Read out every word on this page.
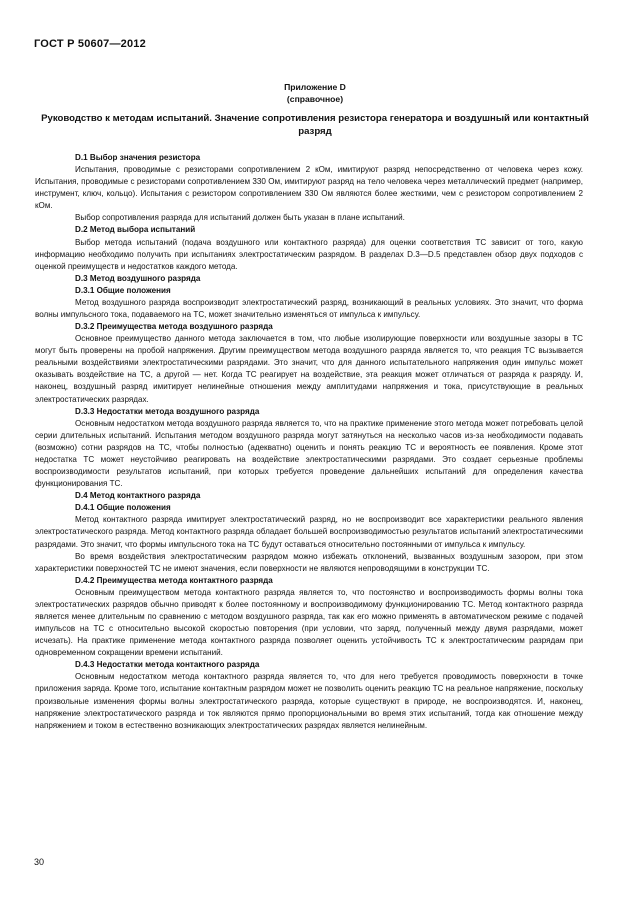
ГОСТ Р 50607—2012
Приложение D
(справочное)
Руководство к методам испытаний. Значение сопротивления резистора генератора и воздушный или контактный разряд
D.1 Выбор значения резистора

Испытания, проводимые с резисторами сопротивлением 2 кОм, имитируют разряд непосредственно от человека через кожу. Испытания, проводимые с резисторами сопротивлением 330 Ом, имитируют разряд на тело человека через металлический предмет (например, инструмент, ключ, кольцо). Испытания с резистором сопротивлением 330 Ом являются более жесткими, чем с резистором сопротивлением 2 кОм.

Выбор сопротивления разряда для испытаний должен быть указан в плане испытаний.

D.2 Метод выбора испытаний

Выбор метода испытаний (подача воздушного или контактного разряда) для оценки соответствия ТС зависит от того, какую информацию необходимо получить при испытаниях электростатическим разрядом. В разделах D.3—D.5 представлен обзор двух подходов с оценкой преимуществ и недостатков каждого метода.

D.3 Метод воздушного разряда
D.3.1 Общие положения

Метод воздушного разряда воспроизводит электростатический разряд, возникающий в реальных условиях. Это значит, что форма волны импульсного тока, подаваемого на ТС, может значительно изменяться от импульса к импульсу.

D.3.2 Преимущества метода воздушного разряда

Основное преимущество данного метода заключается в том, что любые изолирующие поверхности или воздушные зазоры в ТС могут быть проверены на пробой напряжения. Другим преимуществом метода воздушного разряда является то, что реакция ТС вызывается реальными воздействиями электростатическими разрядами. Это значит, что для данного испытательного напряжения один импульс может оказывать воздействие на ТС, а другой — нет. Когда ТС реагирует на воздействие, эта реакция может отличаться от разряда к разряду. И, наконец, воздушный разряд имитирует нелинейные отношения между амплитудами напряжения и тока, присутствующие в реальных электростатических разрядах.

D.3.3 Недостатки метода воздушного разряда

Основным недостатком метода воздушного разряда является то, что на практике применение этого метода может потребовать целой серии длительных испытаний. Испытания методом воздушного разряда могут затянуться на несколько часов из-за необходимости подавать (возможно) сотни разрядов на ТС, чтобы полностью (адекватно) оценить и понять реакцию ТС и вероятность ее появления. Кроме этот недостатка ТС может неустойчиво реагировать на воздействие электростатическими разрядами. Это создает серьезные проблемы воспроизводимости результатов испытаний, при которых требуется проведение дальнейших испытаний для определения качества функционирования ТС.

D.4 Метод контактного разряда
D.4.1 Общие положения

Метод контактного разряда имитирует электростатический разряд, но не воспроизводит все характеристики реального явления электростатического разряда. Метод контактного разряда обладает большей воспроизводимостью результатов испытаний электростатическими разрядами. Это значит, что формы импульсного тока на ТС будут оставаться относительно постоянными от импульса к импульсу.

Во время воздействия электростатическим разрядом можно избежать отклонений, вызванных воздушным зазором, при этом характеристики поверхностей ТС не имеют значения, если поверхности не являются непроводящими в конструкции ТС.

D.4.2 Преимущества метода контактного разряда

Основным преимуществом метода контактного разряда является то, что постоянство и воспроизводимость формы волны тока электростатических разрядов обычно приводят к более постоянному и воспроизводимому функционированию ТС. Метод контактного разряда является менее длительным по сравнению с методом воздушного разряда, так как его можно применять в автоматическом режиме с подачей импульсов на ТС с относительно высокой скоростью повторения (при условии, что заряд, полученный между двумя разрядами, может исчезать). На практике применение метода контактного разряда позволяет оценить устойчивость ТС к электростатическим разрядам при одновременном сокращении времени испытаний.

D.4.3 Недостатки метода контактного разряда

Основным недостатком метода контактного разряда является то, что для него требуется проводимость поверхности в точке приложения заряда. Кроме того, испытание контактным разрядом может не позволить оценить реакцию ТС на реальное напряжение, поскольку произвольные изменения формы волны электростатического разряда, которые существуют в природе, не воспроизводятся. И, наконец, напряжение электростатического разряда и ток являются прямо пропорциональными во время этих испытаний, тогда как отношение между напряжением и током в естественно возникающих электростатических разрядах является нелинейным.

30
